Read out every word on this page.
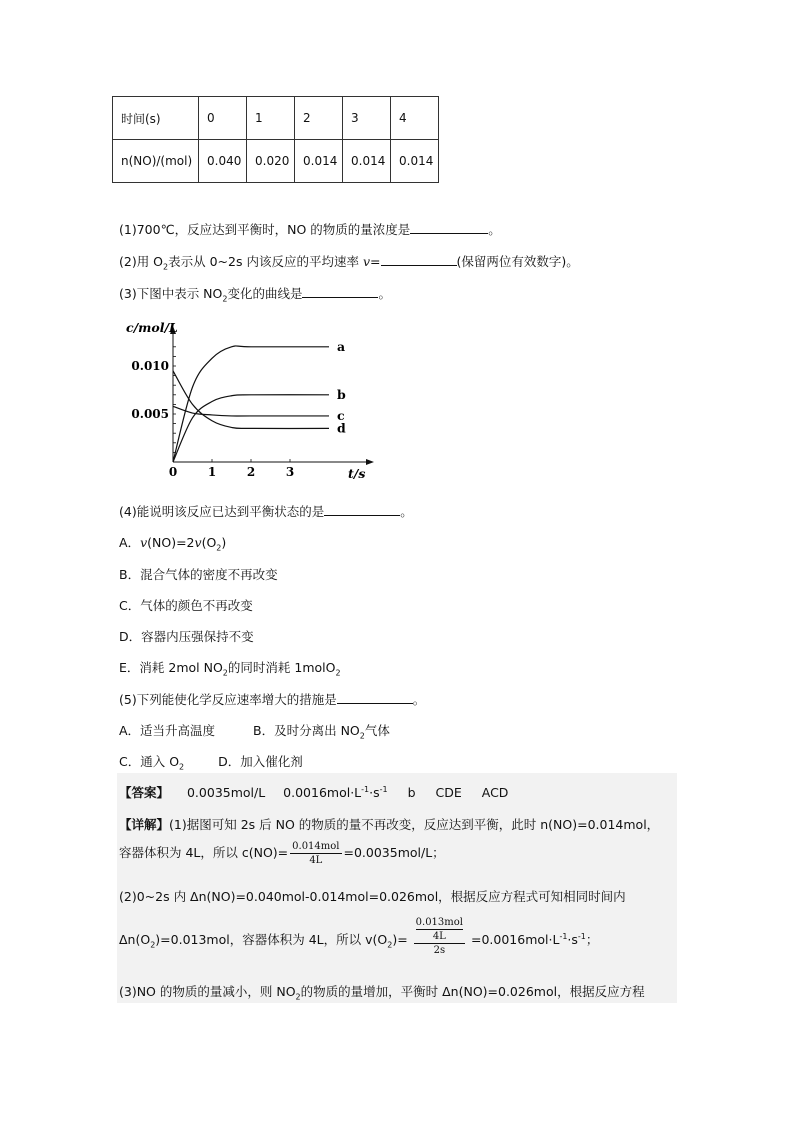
时间(s)	0	1	2	3	4
n(NO)/(mol)	0.040	0.020	0.014	0.014	0.014
(1)700℃，反应达到平衡时，NO 的物质的量浓度是	。
(2)用 $O_2$表示从 0~2s 内该反应的平均速率 v=	(保留两位有效数字)。
(3)下图中表示 $NO_2$变化的曲线是	。
0.005
0.010
0	1	2	3
c/mol/L
t/s
a
b
c
d
(4)能说明该反应已达到平衡状态的是	。
A．$v(NO)=2v(O_2)$
B．混合气体的密度不再改变
C．气体的颜色不再改变
D．容器内压强保持不变
E．消耗 2mol $NO_2$的同时消耗 1molO$_2$
(5)下列能使化学反应速率增大的措施是	。
A．适当升高温度	B．及时分离出 $NO_2$气体
C．通入 $O_2$	D．加入催化剂
【答案】 0.0035mol/L $0.0016mol\cdot L^{-1}\cdot s^{-1}$ b CDE ACD
【详解】(1)据图可知 2s 后 NO 的物质的量不再改变，反应达到平衡，此时 n(NO)=0.014mol，
容器体积为 4L，所以 $c(NO)= \frac{\text{0.014mol}}{4L} =0.0035mol/L$；
(2)0~2s 内 Δn(NO)=0.040mol-0.014mol=0.026mol，根据反应方程式可知相同时间内
$\Delta n(O_2)=0.013mol$，容器体积为 4L，所以 $v(O_2)= 0.013mol$
4L
$2s =0.0016mol\cdot L^{-1}\cdot s^{-1}$；
(3)NO 的物质的量减小，则 $NO_2$的物质的量增加，平衡时 Δn(NO)=0.026mol，根据反应方程
